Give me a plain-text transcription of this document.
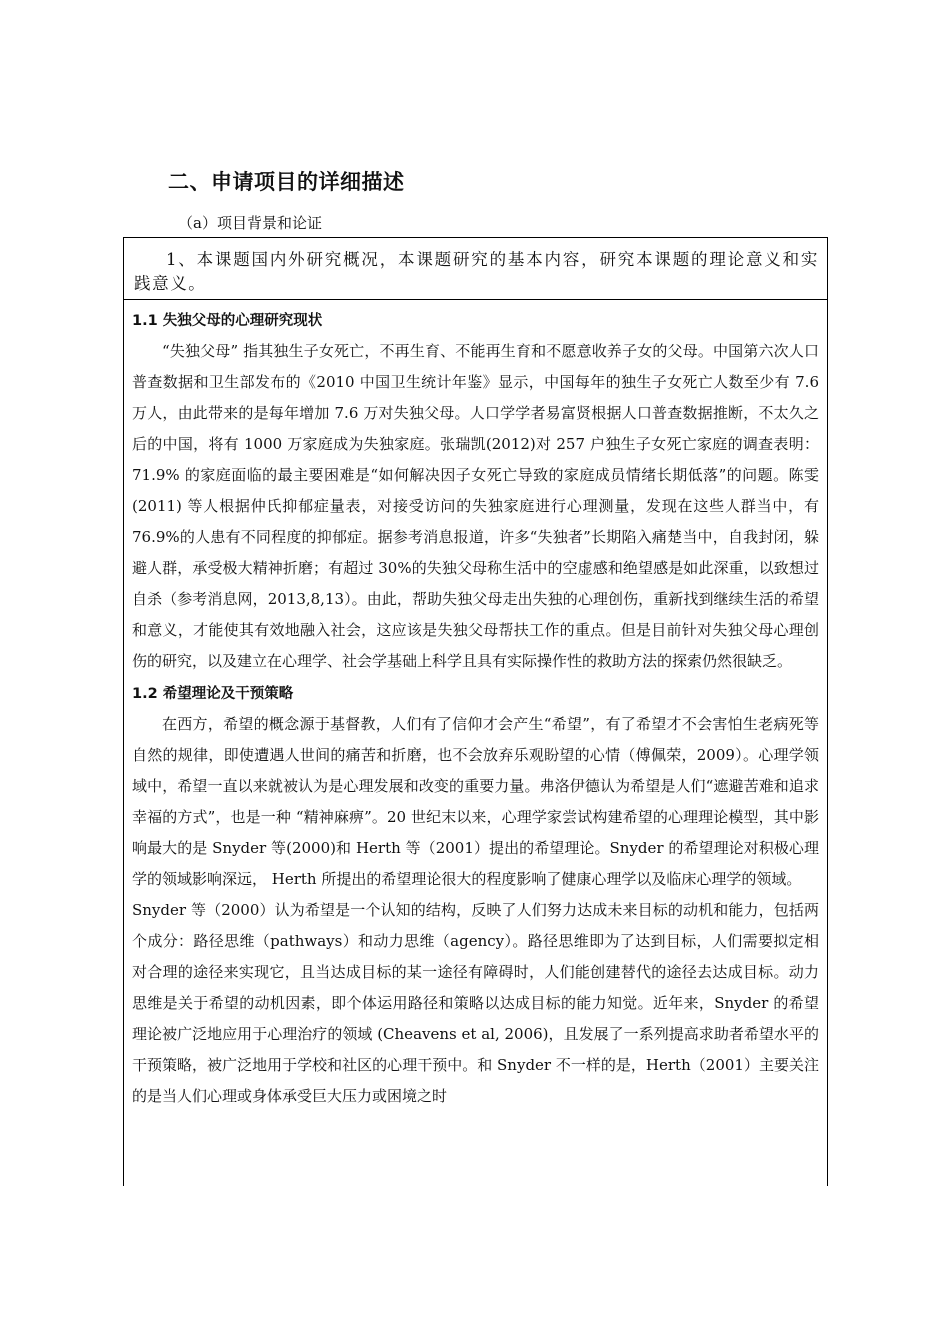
二、申请项目的详细描述
（a）项目背景和论证
1、本课题国内外研究概况，本课题研究的基本内容，研究本课题的理论意义和实践意义。
1.1 失独父母的心理研究现状

“失独父母” 指其独生子女死亡，不再生育、不能再生育和不愿意收养子女的父母。中国第六次人口普查数据和卫生部发布的《2010 中国卫生统计年鉴》显示，中国每年的独生子女死亡人数至少有 7.6 万人，由此带来的是每年增加 7.6 万对失独父母。人口学学者易富贤根据人口普查数据推断，不太久之后的中国，将有 1000 万家庭成为失独家庭。张瑞凯(2012)对 257 户独生子女死亡家庭的调查表明： 71.9% 的家庭面临的最主要困难是“如何解决因子女死亡导致的家庭成员情绪长期低落”的问题。陈雯(2011) 等人根据仲氏抑郁症量表，对接受访问的失独家庭进行心理测量，发现在这些人群当中，有 76.9%的人患有不同程度的抑郁症。据参考消息报道，许多“失独者”长期陷入痛楚当中，自我封闭，躲避人群，承受极大精神折磨；有超过 30%的失独父母称生活中的空虚感和绝望感是如此深重，以致想过自杀（参考消息网，2013,8,13）。由此，帮助失独父母走出失独的心理创伤，重新找到继续生活的希望和意义，才能使其有效地融入社会，这应该是失独父母帮扶工作的重点。但是目前针对失独父母心理创伤的研究，以及建立在心理学、社会学基础上科学且具有实际操作性的救助方法的探索仍然很缺乏。

1.2 希望理论及干预策略

在西方，希望的概念源于基督教，人们有了信仰才会产生“希望”，有了希望才不会害怕生老病死等自然的规律，即使遭遇人世间的痛苦和折磨，也不会放弃乐观盼望的心情（傅佩荣，2009）。心理学领域中，希望一直以来就被认为是心理发展和改变的重要力量。弗洛伊德认为希望是人们“遮避苦难和追求幸福的方式”，也是一种 “精神麻痹”。20 世纪末以来，心理学家尝试构建希望的心理理论模型，其中影响最大的是 Snyder 等(2000)和 Herth 等（2001）提出的希望理论。Snyder 的希望理论对积极心理学的领域影响深远， Herth 所提出的希望理论很大的程度影响了健康心理学以及临床心理学的领域。

Snyder 等（2000）认为希望是一个认知的结构，反映了人们努力达成未来目标的动机和能力，包括两个成分：路径思维（pathways）和动力思维（agency）。路径思维即为了达到目标，人们需要拟定相对合理的途径来实现它，且当达成目标的某一途径有障碍时，人们能创建替代的途径去达成目标。动力思维是关于希望的动机因素，即个体运用路径和策略以达成目标的能力知觉。近年来，Snyder 的希望理论被广泛地应用于心理治疗的领域 (Cheavens et al, 2006)，且发展了一系列提高求助者希望水平的干预策略，被广泛地用于学校和社区的心理干预中。和 Snyder 不一样的是，Herth（2001）主要关注的是当人们心理或身体承受巨大压力或困境之时
